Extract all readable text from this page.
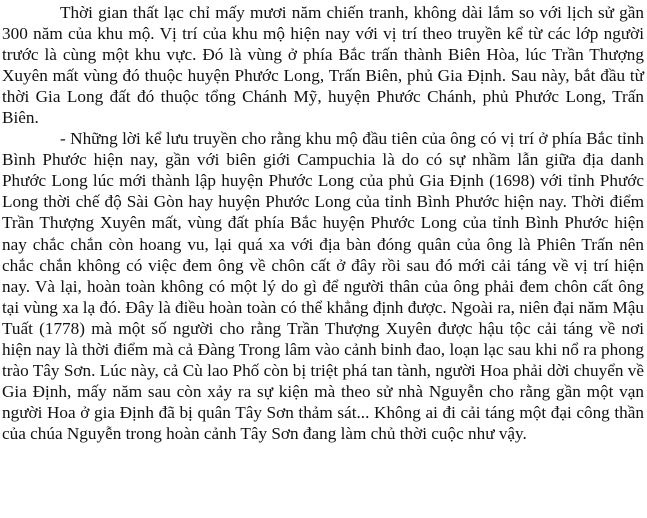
Thời gian thất lạc chỉ mấy mươi năm chiến tranh, không dài lắm so với lịch sử gần 300 năm của khu mộ. Vị trí của khu mộ hiện nay với vị trí theo truyền kể từ các lớp người trước là cùng một khu vực. Đó là vùng ở phía Bắc trấn thành Biên Hòa, lúc Trần Thượng Xuyên mất vùng đó thuộc huyện Phước Long, Trấn Biên, phủ Gia Định. Sau này, bắt đầu từ thời Gia Long đất đó thuộc tổng Chánh Mỹ, huyện Phước Chánh, phủ Phước Long, Trấn Biên.

- Những lời kể lưu truyền cho rằng khu mộ đầu tiên của ông có vị trí ở phía Bắc tỉnh Bình Phước hiện nay, gần với biên giới Campuchia là do có sự nhầm lẫn giữa địa danh Phước Long lúc mới thành lập huyện Phước Long của phủ Gia Định (1698) với tỉnh Phước Long thời chế độ Sài Gòn hay huyện Phước Long của tỉnh Bình Phước hiện nay. Thời điểm Trần Thượng Xuyên mất, vùng đất phía Bắc huyện Phước Long của tỉnh Bình Phước hiện nay chắc chắn còn hoang vu, lại quá xa với địa bàn đóng quân của ông là Phiên Trấn nên chắc chắn không có việc đem ông về chôn cất ở đây rồi sau đó mới cải táng về vị trí hiện nay. Và lại, hoàn toàn không có một lý do gì để người thân của ông phải đem chôn cất ông tại vùng xa lạ đó. Đây là điều hoàn toàn có thể khẳng định được. Ngoài ra, niên đại năm Mậu Tuất (1778) mà một số người cho rằng Trần Thượng Xuyên được hậu tộc cải táng về nơi hiện nay là thời điểm mà cả Đàng Trong lâm vào cảnh binh đao, loạn lạc sau khi nổ ra phong trào Tây Sơn. Lúc này, cả Cù lao Phố còn bị triệt phá tan tành, người Hoa phải dời chuyển về Gia Định, mấy năm sau còn xảy ra sự kiện mà theo sử nhà Nguyễn cho rằng gần một vạn người Hoa ở gia Định đã bị quân Tây Sơn thảm sát... Không ai đi cải táng một đại công thần của chúa Nguyễn trong hoàn cảnh Tây Sơn đang làm chủ thời cuộc như vậy.
